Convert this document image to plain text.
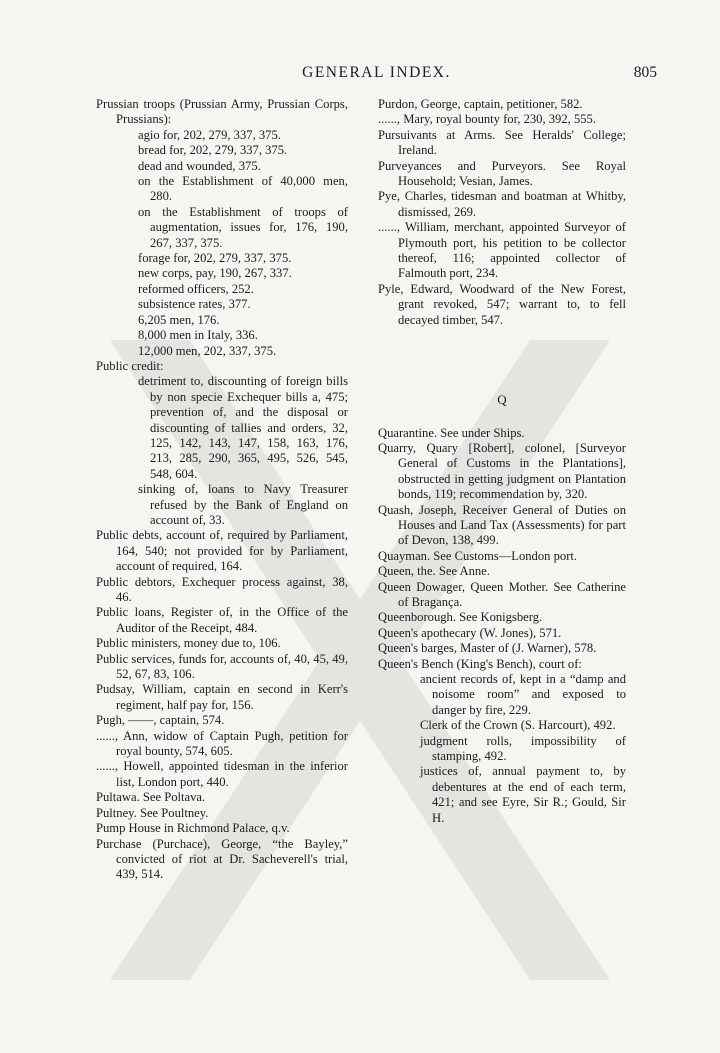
GENERAL INDEX.	805

Prussian troops (Prussian Army, Prussian Corps, Prussians):

agio for, 202, 279, 337, 375.

bread for, 202, 279, 337, 375.

dead and wounded, 375.

on the Establishment of 40,000 men, 280.

on the Establishment of troops of augmentation, issues for, 176, 190, 267, 337, 375.

forage for, 202, 279, 337, 375.

new corps, pay, 190, 267, 337.

reformed officers, 252.

subsistence rates, 377.

6,205 men, 176.

8,000 men in Italy, 336.

12,000 men, 202, 337, 375.

Public credit:

detriment to, discounting of foreign bills by non specie Exchequer bills a, 475; prevention of, and the disposal or discounting of tallies and orders, 32, 125, 142, 143, 147, 158, 163, 176, 213, 285, 290, 365, 495, 526, 545, 548, 604.

sinking of, loans to Navy Treasurer refused by the Bank of England on account of, 33.

Public debts, account of, required by Parliament, 164, 540; not provided for by Parliament, account of required, 164.

Public debtors, Exchequer process against, 38, 46.

Public loans, Register of, in the Office of the Auditor of the Receipt, 484.

Public ministers, money due to, 106.

Public services, funds for, accounts of, 40, 45, 49, 52, 67, 83, 106.

Pudsay, William, captain en second in Kerr's regiment, half pay for, 156.

Pugh, ——, captain, 574.

......, Ann, widow of Captain Pugh, petition for royal bounty, 574, 605.

......, Howell, appointed tidesman in the inferior list, London port, 440.

Pultawa. See Poltava.

Pultney. See Poultney.

Pump House in Richmond Palace, q.v.

Purchase (Purchace), George, “the Bayley,” convicted of riot at Dr. Sacheverell's trial, 439, 514.

Purdon, George, captain, petitioner, 582.

......, Mary, royal bounty for, 230, 392, 555.

Pursuivants at Arms. See Heralds' College; Ireland.

Purveyances and Purveyors. See Royal Household; Vesian, James.

Pye, Charles, tidesman and boatman at Whitby, dismissed, 269.

......, William, merchant, appointed Surveyor of Plymouth port, his petition to be collector thereof, 116; appointed collector of Falmouth port, 234.

Pyle, Edward, Woodward of the New Forest, grant revoked, 547; warrant to, to fell decayed timber, 547.

Q

Quarantine. See under Ships.

Quarry, Quary [Robert], colonel, [Surveyor General of Customs in the Plantations], obstructed in getting judgment on Plantation bonds, 119; recommendation by, 320.

Quash, Joseph, Receiver General of Duties on Houses and Land Tax (Assessments) for part of Devon, 138, 499.

Quayman. See Customs—London port.

Queen, the. See Anne.

Queen Dowager, Queen Mother. See Catherine of Bragança.

Queenborough. See Konigsberg.

Queen's apothecary (W. Jones), 571.

Queen's barges, Master of (J. Warner), 578.

Queen's Bench (King's Bench), court of:

ancient records of, kept in a “damp and noisome room” and exposed to danger by fire, 229.

Clerk of the Crown (S. Harcourt), 492.

judgment rolls, impossibility of stamping, 492.

justices of, annual payment to, by debentures at the end of each term, 421; and see Eyre, Sir R.; Gould, Sir H.
